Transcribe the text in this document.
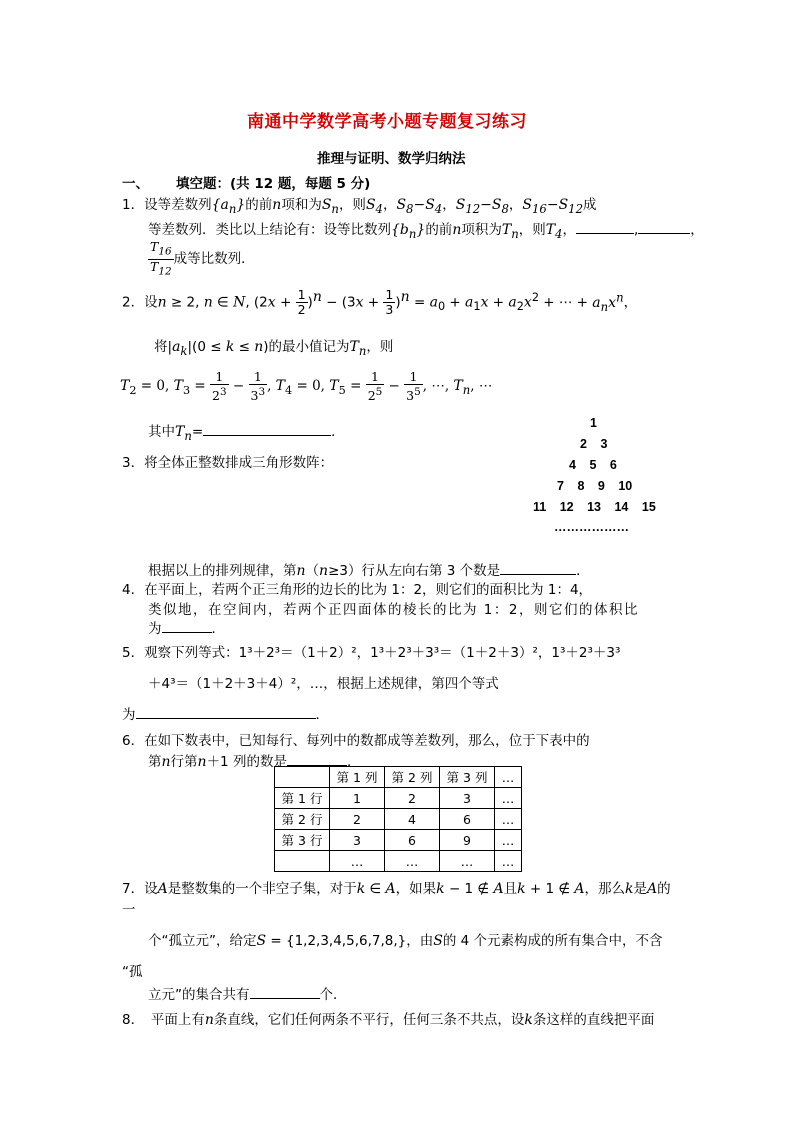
南通中学数学高考小题专题复习练习
推理与证明、数学归纳法
一、 填空题：(共 12 题，每题 5 分)
1．设等差数列$\{a_n\}$的前n项和为$S_n$，则$S_4$，$S_8-S_4$，$S_{12}-S_8$，$S_{16}-S_{12}$成
等差数列．类比以上结论有：设等比数列$\{b_n\}$的前n项积为$T_n$，则$T_4$，	,	，
$\frac{T_{16}}{T_{12}}$ 成等比数列．
2．设n ≥ 2, n ∈ N, $(2x + \frac{1}{2} )^n - (3x + \frac{1}{3} )^n = a_0 + a_1x + a_2x^2$ + ⋯ + $a_nx^n$，
将$|a_k|(0 \le k \le n)$的最小值记为$T_n$，则
$T_2 = 0$, $T_3 = \frac{1}{2^3} - \frac{1}{3^3}$ , $T_4 = 0$, $T_5 = \frac{1}{2^5} - \frac{1}{3^5}$ , ⋯, $T_n$, ⋯
其中$T_n=$	．
3．将全体正整数排成三角形数阵：
1
2 3
4 5 6
7 8 9 10
11 12 13 14 15
………………
根据以上的排列规律，第n（n≥3）行从左向右第 3 个数是	．
4．在平面上，若两个正三角形的边长的比为 1：2，则它们的面积比为 1：4，
类似地，在空间内，若两个正四面体的棱长的比为 1：2，则它们的体积比
为	．
5．观察下列等式：1³＋2³＝（1＋2）²，1³＋2³＋3³＝（1＋2＋3）²，1³＋2³＋3³
＋4³＝（1＋2＋3＋4）²，…，根据上述规律，第四个等式
为	．
6．在如下数表中，已知每行、每列中的数都成等差数列，那么，位于下表中的
第n行第n＋1 列的数是	．
	第 1 列	第 2 列	第 3 列	…
第 1 行	1	2	3	…
第 2 行	2	4	6	…
第 3 行	3	6	9	…
	…	…	…	…
7．设A是整数集的一个非空子集，对于k ∈ A，如果k − 1 ∉ A且k + 1 ∉ A，那么k是A的
一
个“孤立元”，给定S = {1,2,3,4,5,6,7,8,}，由S的 4 个元素构成的所有集合中，不含
“孤
立元”的集合共有	个．
8．　平面上有n条直线，它们任何两条不平行，任何三条不共点，设k条这样的直线把平面
